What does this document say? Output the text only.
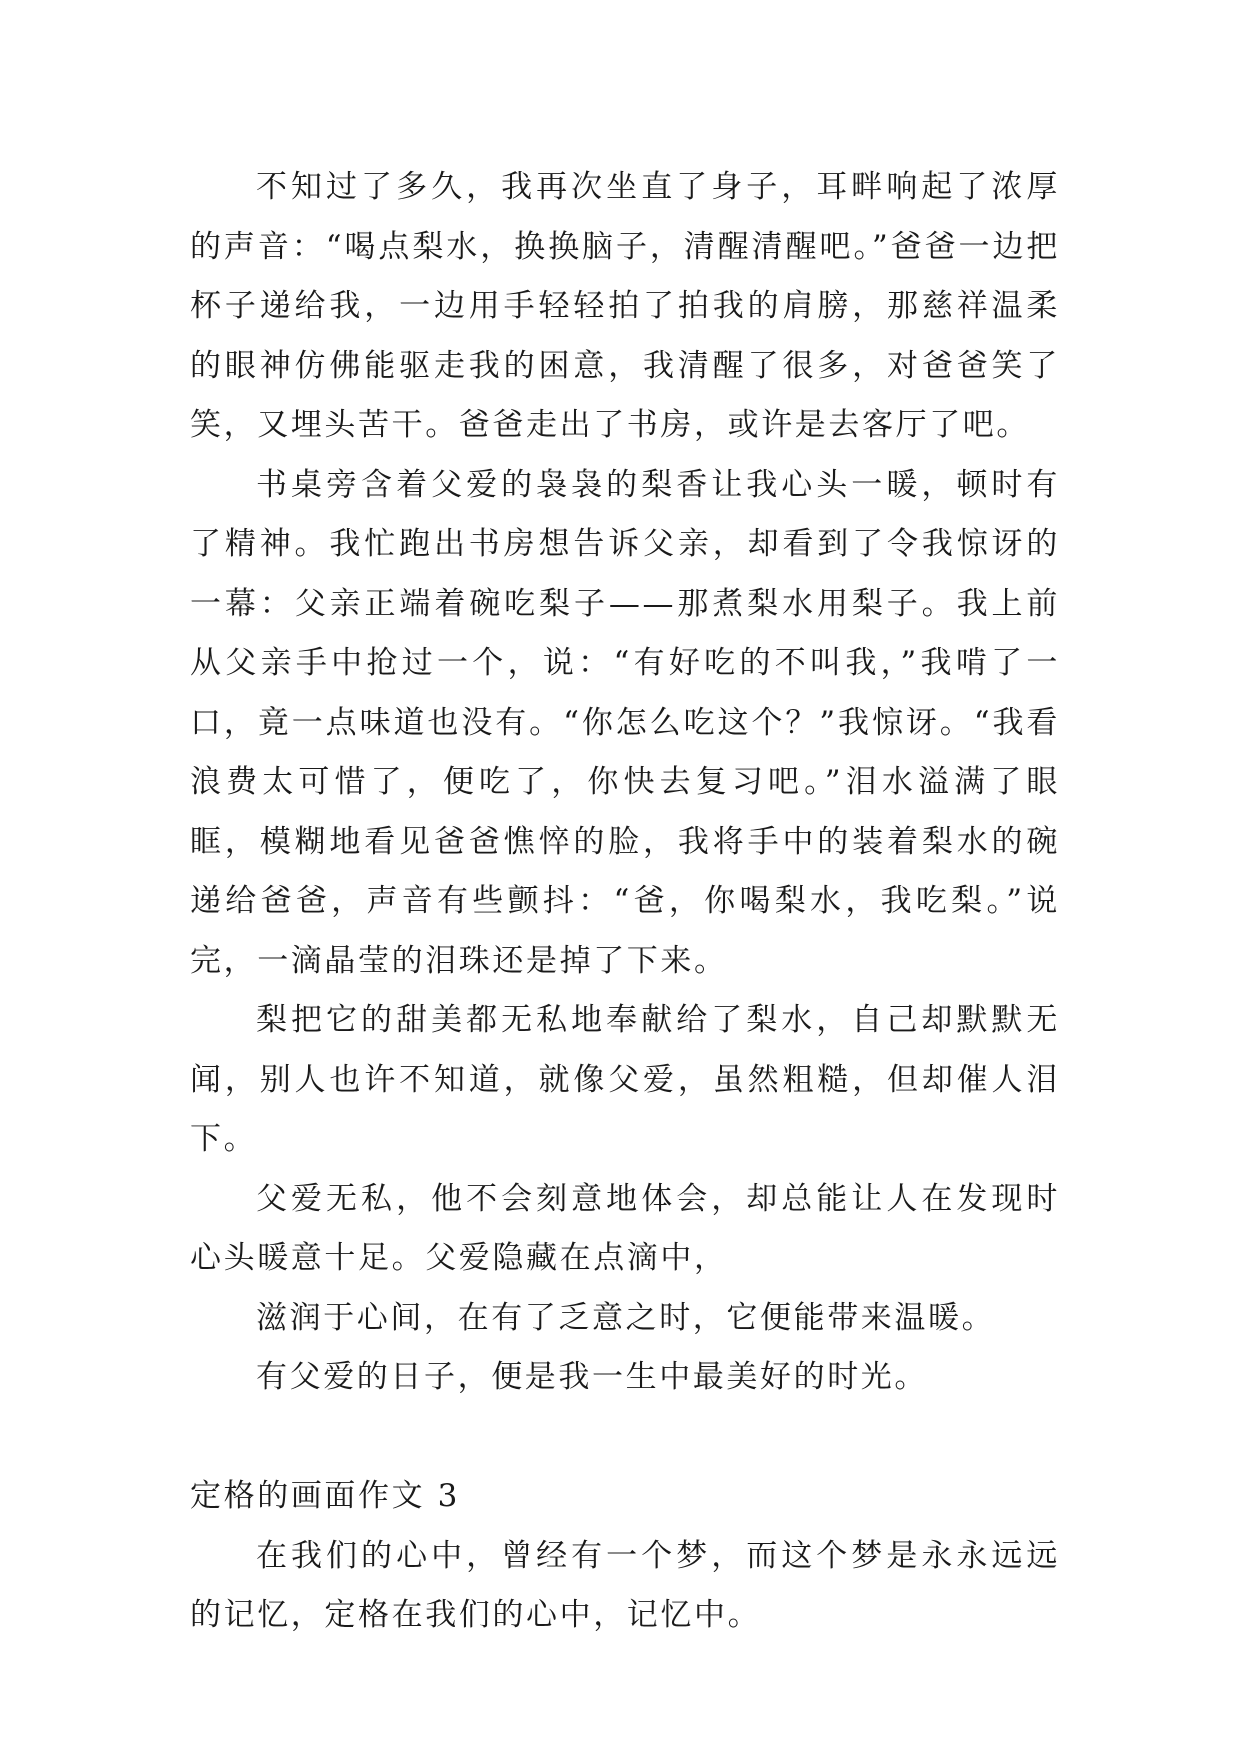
不知过了多久，我再次坐直了身子，耳畔响起了浓厚的声音：“喝点梨水，换换脑子，清醒清醒吧。”爸爸一边把杯子递给我，一边用手轻轻拍了拍我的肩膀，那慈祥温柔的眼神仿佛能驱走我的困意，我清醒了很多，对爸爸笑了笑，又埋头苦干。爸爸走出了书房，或许是去客厅了吧。

书桌旁含着父爱的袅袅的梨香让我心头一暖，顿时有了精神。我忙跑出书房想告诉父亲，却看到了令我惊讶的一幕：父亲正端着碗吃梨子——那煮梨水用梨子。我上前从父亲手中抢过一个，说：“有好吃的不叫我，”我啃了一口，竟一点味道也没有。“你怎么吃这个？”我惊讶。“我看浪费太可惜了，便吃了，你快去复习吧。”泪水溢满了眼眶，模糊地看见爸爸憔悴的脸，我将手中的装着梨水的碗递给爸爸，声音有些颤抖：“爸，你喝梨水，我吃梨。”说完，一滴晶莹的泪珠还是掉了下来。

梨把它的甜美都无私地奉献给了梨水，自己却默默无闻，别人也许不知道，就像父爱，虽然粗糙，但却催人泪下。

父爱无私，他不会刻意地体会，却总能让人在发现时心头暖意十足。父爱隐藏在点滴中，

滋润于心间，在有了乏意之时，它便能带来温暖。

有父爱的日子，便是我一生中最美好的时光。

定格的画面作文 3

在我们的心中，曾经有一个梦，而这个梦是永永远远的记忆，定格在我们的心中，记忆中。
